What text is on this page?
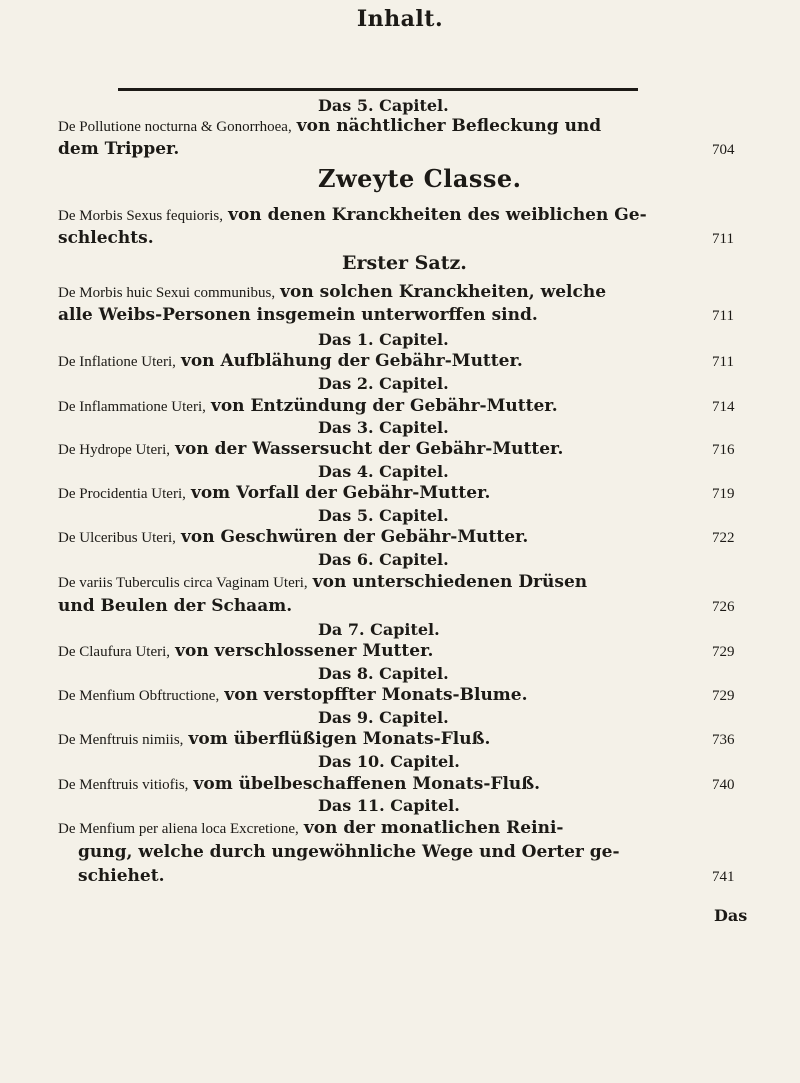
Inhalt.
Das 5. Capitel.
De Pollutione nocturna & Gonorrhoea, von nächtlicher Befleckung und
dem Tripper.	704
Zweyte Classe.
De Morbis Sexus fequioris, von denen Kranckheiten des weiblichen Ge-
schlechts.	711
Erster Satz.
De Morbis huic Sexui communibus, von solchen Kranckheiten, welche
alle Weibs-Personen insgemein unterworffen sind.	711
Das 1. Capitel.
De Inflatione Uteri, von Aufblähung der Gebähr-Mutter.	711
Das 2. Capitel.
De Inflammatione Uteri, von Entzündung der Gebähr-Mutter.	714
Das 3. Capitel.
De Hydrope Uteri, von der Wassersucht der Gebähr-Mutter.	716
Das 4. Capitel.
De Procidentia Uteri, vom Vorfall der Gebähr-Mutter.	719
Das 5. Capitel.
De Ulceribus Uteri, von Geschwüren der Gebähr-Mutter.	722
Das 6. Capitel.
De variis Tuberculis circa Vaginam Uteri, von unterschiedenen Drüsen
und Beulen der Schaam.	726
Da 7. Capitel.
De Claufura Uteri, von verschlossener Mutter.	729
Das 8. Capitel.
De Menfium Obftructione, von verstopffter Monats-Blume.	729
Das 9. Capitel.
De Menftruis nimiis, vom überflüßigen Monats-Fluß.	736
Das 10. Capitel.
De Menftruis vitiofis, vom übelbeschaffenen Monats-Fluß.	740
Das 11. Capitel.
De Menfium per aliena loca Excretione, von der monatlichen Reini-
gung, welche durch ungewöhnliche Wege und Oerter ge-
schiehet.	741
Das
